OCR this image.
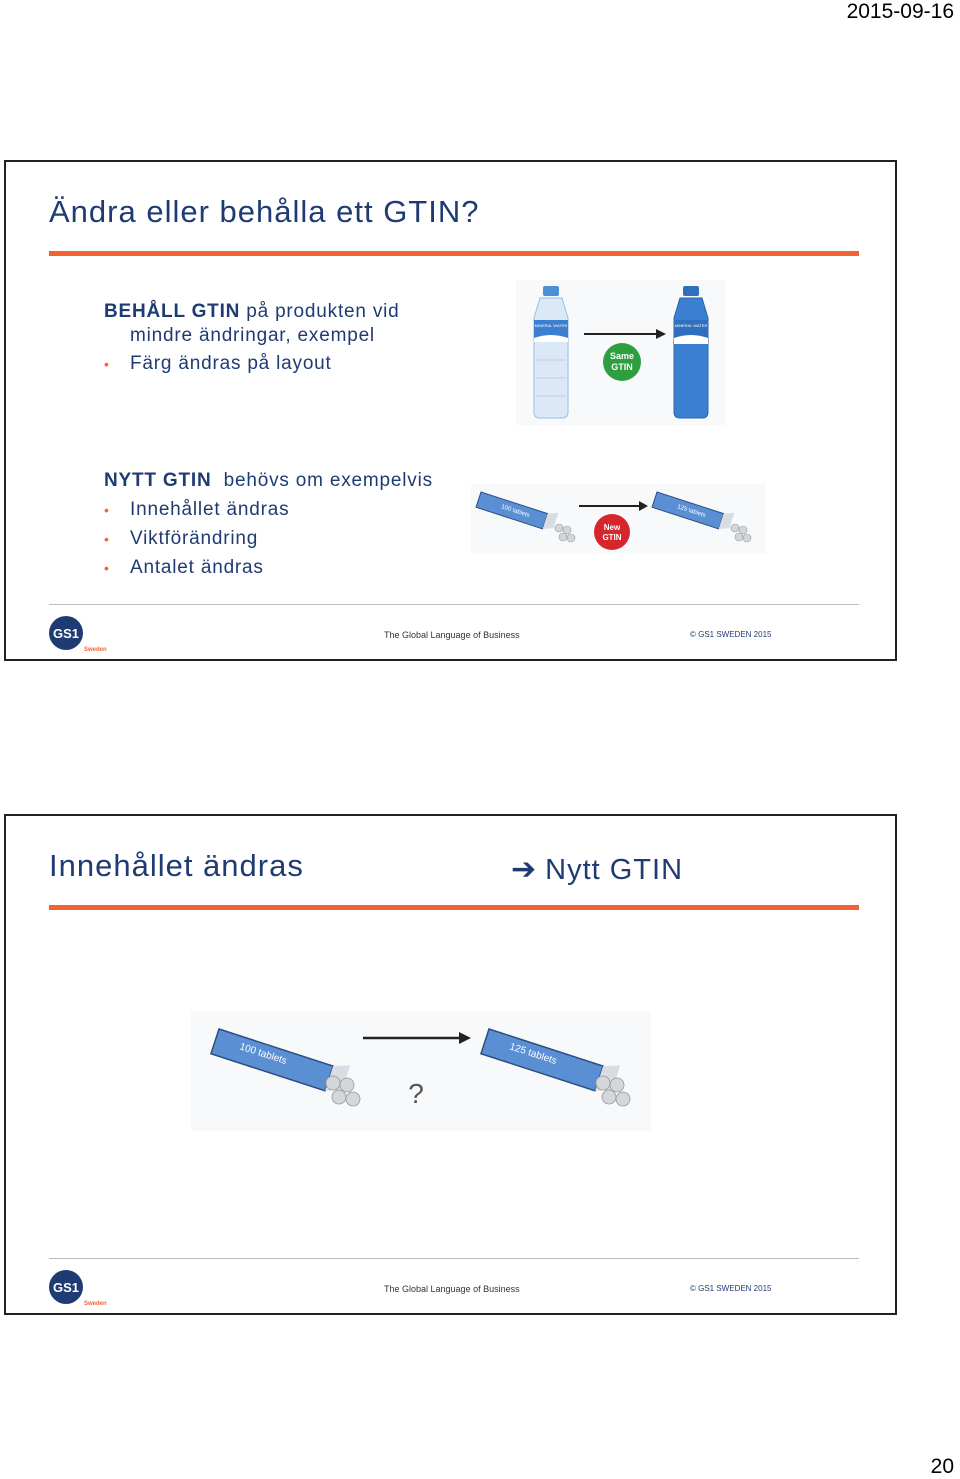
2015-09-16
Ändra eller behålla ett GTIN?
BEHÅLL GTIN på produkten vid
mindre ändringar, exempel
•	Färg ändras på layout
MINERAL WATER
Same
GTIN
MINERAL WATER
NYTT GTIN  behövs om exempelvis
•	Innehållet ändras
•	Viktförändring
•	Antalet ändras
100 tablets
New
GTIN
125 tablets
GS1
Sweden
The Global Language of Business	© GS1 SWEDEN 2015
Innehållet ändras	➔ Nytt GTIN
100 tablets
?
125 tablets
GS1
Sweden
The Global Language of Business	© GS1 SWEDEN 2015
20
